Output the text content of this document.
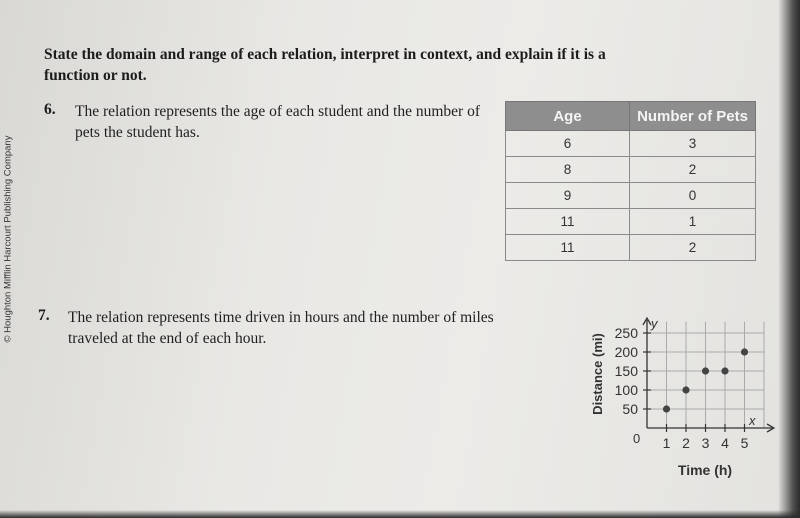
© Houghton Mifflin Harcourt Publishing Company
State the domain and range of each relation, interpret in context, and explain if it is a function or not.
6. The relation represents the age of each student and the number of pets the student has.
Age	Number of Pets
6	3
8	2
9	0
11	1
11	2
7. The relation represents time driven in hours and the number of miles traveled at the end of each hour.
50
100
150
200
250
1 2 3 4 5
y
x
0
Distance (mi)
Time (h)
